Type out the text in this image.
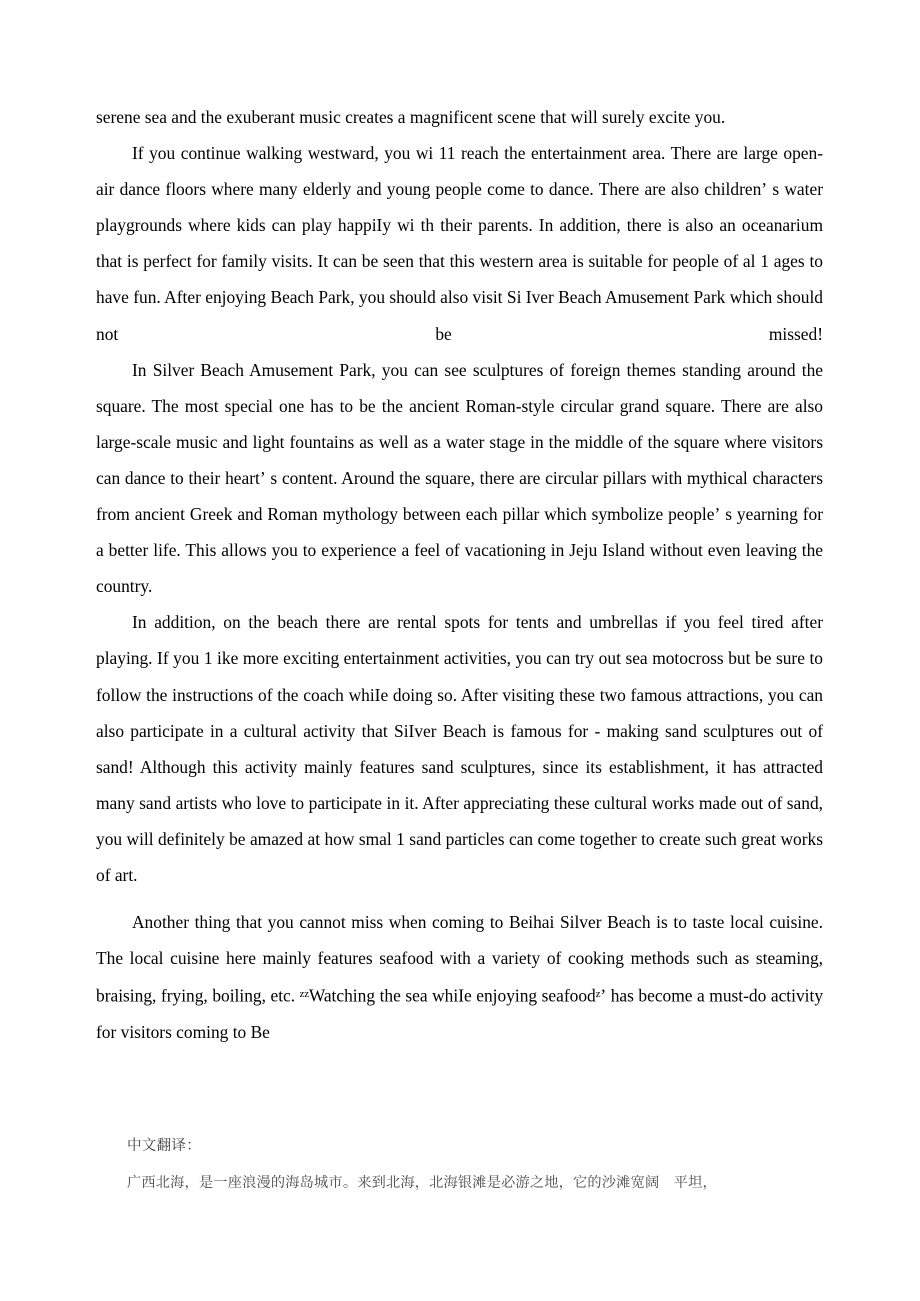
serene sea and the exuberant music creates a magnificent scene that will surely excite you.

If you continue walking westward, you wi 11 reach the entertainment area. There are large open-air dance floors where many elderly and young people come to dance. There are also childrenʼ s water playgrounds where kids can play happiIy wi th their parents. In addition, there is also an oceanarium that is perfect for family visits. It can be seen that this western area is suitable for people of al 1 ages to have fun. After enjoying Beach Park, you should also visit Si Iver Beach Amusement Park which should not be missed!

In Silver Beach Amusement Park, you can see sculptures of foreign themes standing around the square. The most special one has to be the ancient Roman-style circular grand square. There are also large-scale music and light fountains as well as a water stage in the middle of the square where visitors can dance to their heartʼ s content. Around the square, there are circular pillars with mythical characters from ancient Greek and Roman mythology between each pillar which symbolize peopleʼ s yearning for a better life. This allows you to experience a feel of vacationing in Jeju Island without even leaving the country.

In addition, on the beach there are rental spots for tents and umbrellas if you feel tired after playing. If you 1 ike more exciting entertainment activities, you can try out sea motocross but be sure to follow the instructions of the coach whiIe doing so. After visiting these two famous attractions, you can also participate in a cultural activity that SiIver Beach is famous for - making sand sculptures out of sand! Although this activity mainly features sand sculptures, since its establishment, it has attracted many sand artists who love to participate in it. After appreciating these cultural works made out of sand, you will definitely be amazed at how smal 1 sand particles can come together to create such great works of art.

Another thing that you cannot miss when coming to Beihai Silver Beach is to taste local cuisine. The local cuisine here mainly features seafood with a variety of cooking methods such as steaming, braising, frying, boiling, etc. $^{zz}$Watching the sea whiIe enjoying seafood$^z$ʼ has become a must-do activity for visitors coming to Be

中文翻译：

广西北海，是一座浪漫的海岛城市。来到北海，北海银滩是必游之地，它的沙滩宽阔　平坦，
